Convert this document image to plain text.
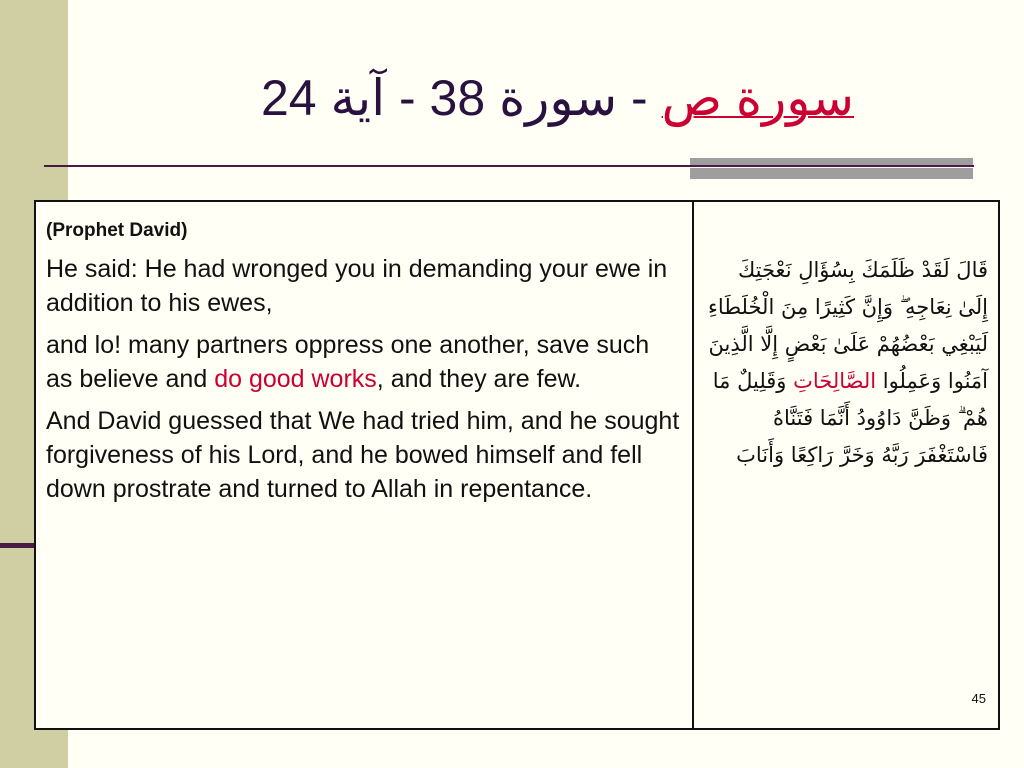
سورة ص - سورة 38 - آية 24
(Prophet David)
He said: He had wronged you in demanding your ewe in addition to his ewes,
and lo! many partners oppress one another, save such as believe and do good works, and they are few.
And David guessed that We had tried him, and he sought forgiveness of his Lord, and he bowed himself and fell down prostrate and turned to Allah in repentance.
قَالَ لَقَدْ ظَلَمَكَ بِسُؤَالِ نَعْجَتِكَ إِلَىٰ نِعَاجِهِ ۖ وَإِنَّ كَثِيرًا مِنَ الْخُلَطَاءِ لَيَبْغِي بَعْضُهُمْ عَلَىٰ بَعْضٍ إِلَّا الَّذِينَ آمَنُوا وَعَمِلُوا الصَّالِحَاتِ وَقَلِيلٌ مَا هُمْ ۗ وَظَنَّ دَاوُودُ أَنَّمَا فَتَنَّاهُ فَاسْتَغْفَرَ رَبَّهُ وَخَرَّ رَاكِعًا وَأَنَابَ
45
